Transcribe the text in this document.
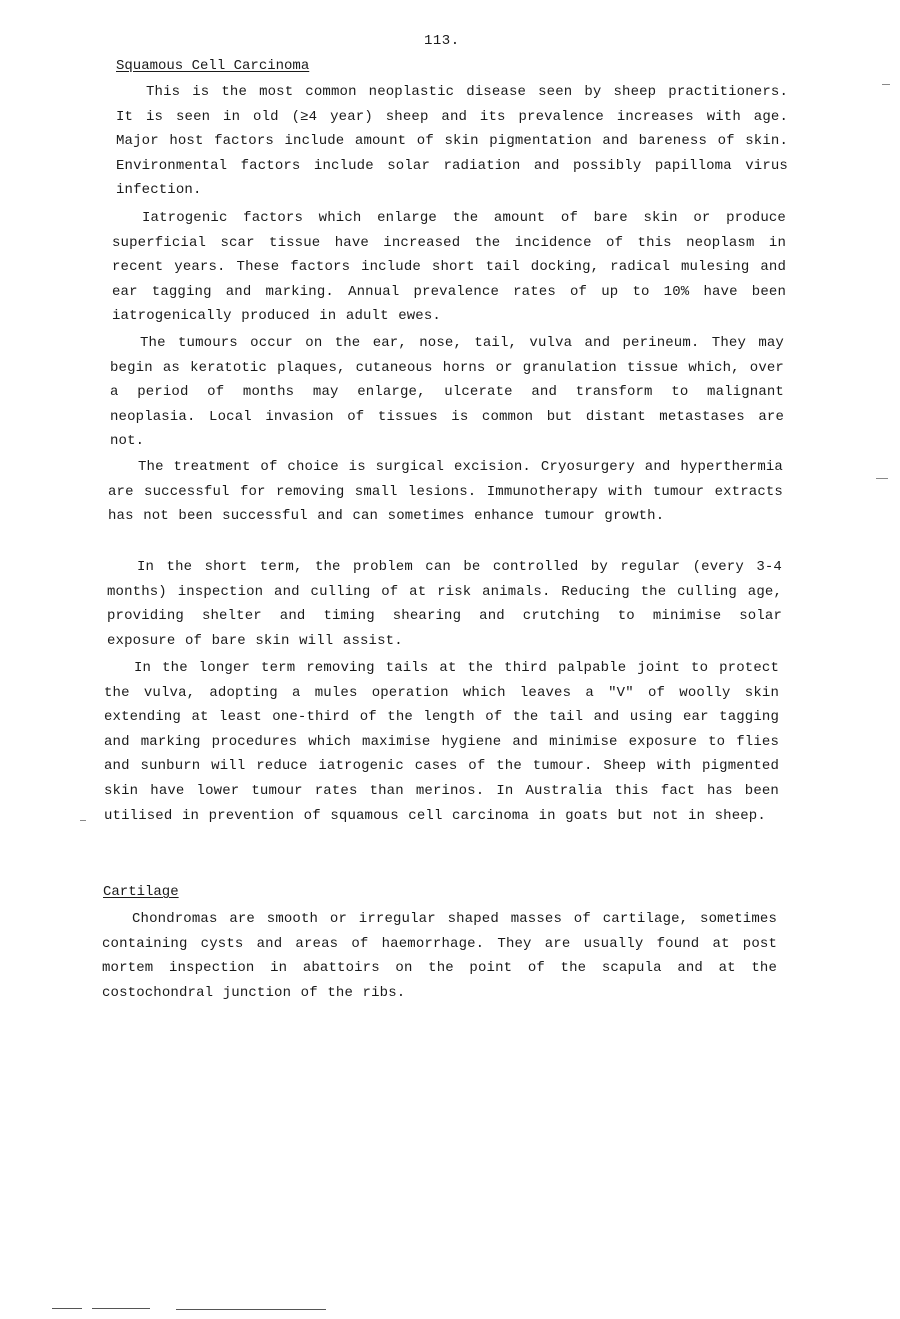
113.
Squamous Cell Carcinoma

This is the most common neoplastic disease seen by sheep practitioners. It is seen in old (≥4 year) sheep and its prevalence increases with age. Major host factors include amount of skin pigmentation and bareness of skin. Environmental factors include solar radiation and possibly papilloma virus infection.

Iatrogenic factors which enlarge the amount of bare skin or produce superficial scar tissue have increased the incidence of this neoplasm in recent years. These factors include short tail docking, radical mulesing and ear tagging and marking. Annual prevalence rates of up to 10% have been iatrogenically produced in adult ewes.

The tumours occur on the ear, nose, tail, vulva and perineum. They may begin as keratotic plaques, cutaneous horns or granulation tissue which, over a period of months may enlarge, ulcerate and transform to malignant neoplasia. Local invasion of tissues is common but distant metastases are not.

The treatment of choice is surgical excision. Cryosurgery and hyperthermia are successful for removing small lesions. Immunotherapy with tumour extracts has not been successful and can sometimes enhance tumour growth.

In the short term, the problem can be controlled by regular (every 3-4 months) inspection and culling of at risk animals. Reducing the culling age, providing shelter and timing shearing and crutching to minimise solar exposure of bare skin will assist.

In the longer term removing tails at the third palpable joint to protect the vulva, adopting a mules operation which leaves a "V" of woolly skin extending at least one-third of the length of the tail and using ear tagging and marking procedures which maximise hygiene and minimise exposure to flies and sunburn will reduce iatrogenic cases of the tumour. Sheep with pigmented skin have lower tumour rates than merinos. In Australia this fact has been utilised in prevention of squamous cell carcinoma in goats but not in sheep.

Cartilage

Chondromas are smooth or irregular shaped masses of cartilage, sometimes containing cysts and areas of haemorrhage. They are usually found at post mortem inspection in abattoirs on the point of the scapula and at the costochondral junction of the ribs.
